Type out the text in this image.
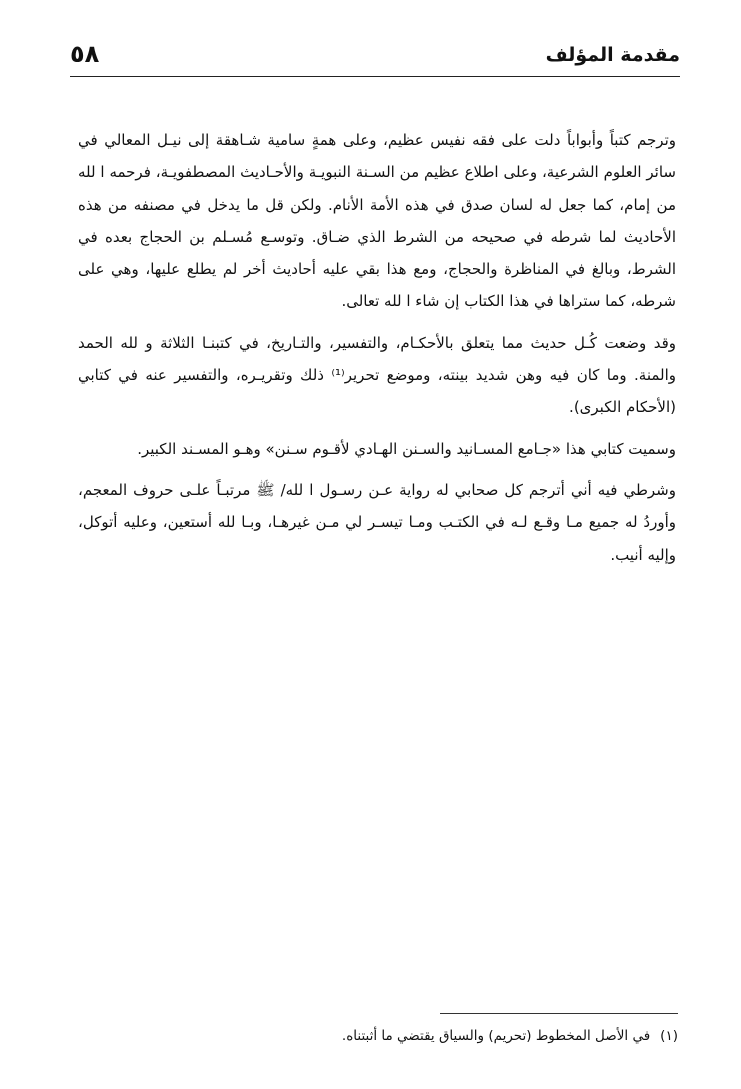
مقدمة المؤلف
٥٨

وترجم كتباً وأبواباً دلت على فقه نفيس عظيم، وعلى همةٍ سامية شـاهقة إلى نيـل المعالي في سائر العلوم الشرعية، وعلى اطلاع عظيم من السـنة النبويـة والأحـاديث المصطفويـة، فرحمه ا لله من إمام، كما جعل له لسان صدق في هذه الأمة الأنام. ولكن قل ما يدخل في مصنفه من هذه الأحاديث لما شرطه في صحيحه من الشرط الذي ضـاق. وتوسـع مُسـلم بن الحجاج بعده في الشرط، وبالغ في المناظرة والحجاج، ومع هذا بقي عليه أحاديث أخر لم يطلع عليها، وهي على شرطه، كما ستراها في هذا الكتاب إن شاء ا لله تعالى.

وقد وضعت كُـل حديث مما يتعلق بالأحكـام، والتفسير، والتـاريخ، في كتبنـا الثلاثة و لله الحمد والمنة. وما كان فيه وهن شديد بينته، وموضع تحرير⁽¹⁾ ذلك وتقريـره، والتفسير عنه في كتابي (الأحكام الكبرى).

وسميت كتابي هذا «جـامع المسـانيد والسـنن الهـادي لأقـوم سـنن» وهـو المسـند الكبير.

وشرطي فيه أني أترجم كل صحابي له رواية عـن رسـول ا لله/ ﷺ مرتبـاً علـى حروف المعجم، وأوردُ له جميع مـا وقـع لـه في الكتـب ومـا تيسـر لي مـن غيرهـا، وبـا لله أستعين، وعليه أتوكل، وإليه أنيب.

(١)في الأصل المخطوط (تحريم) والسياق يقتضي ما أثبتناه.
